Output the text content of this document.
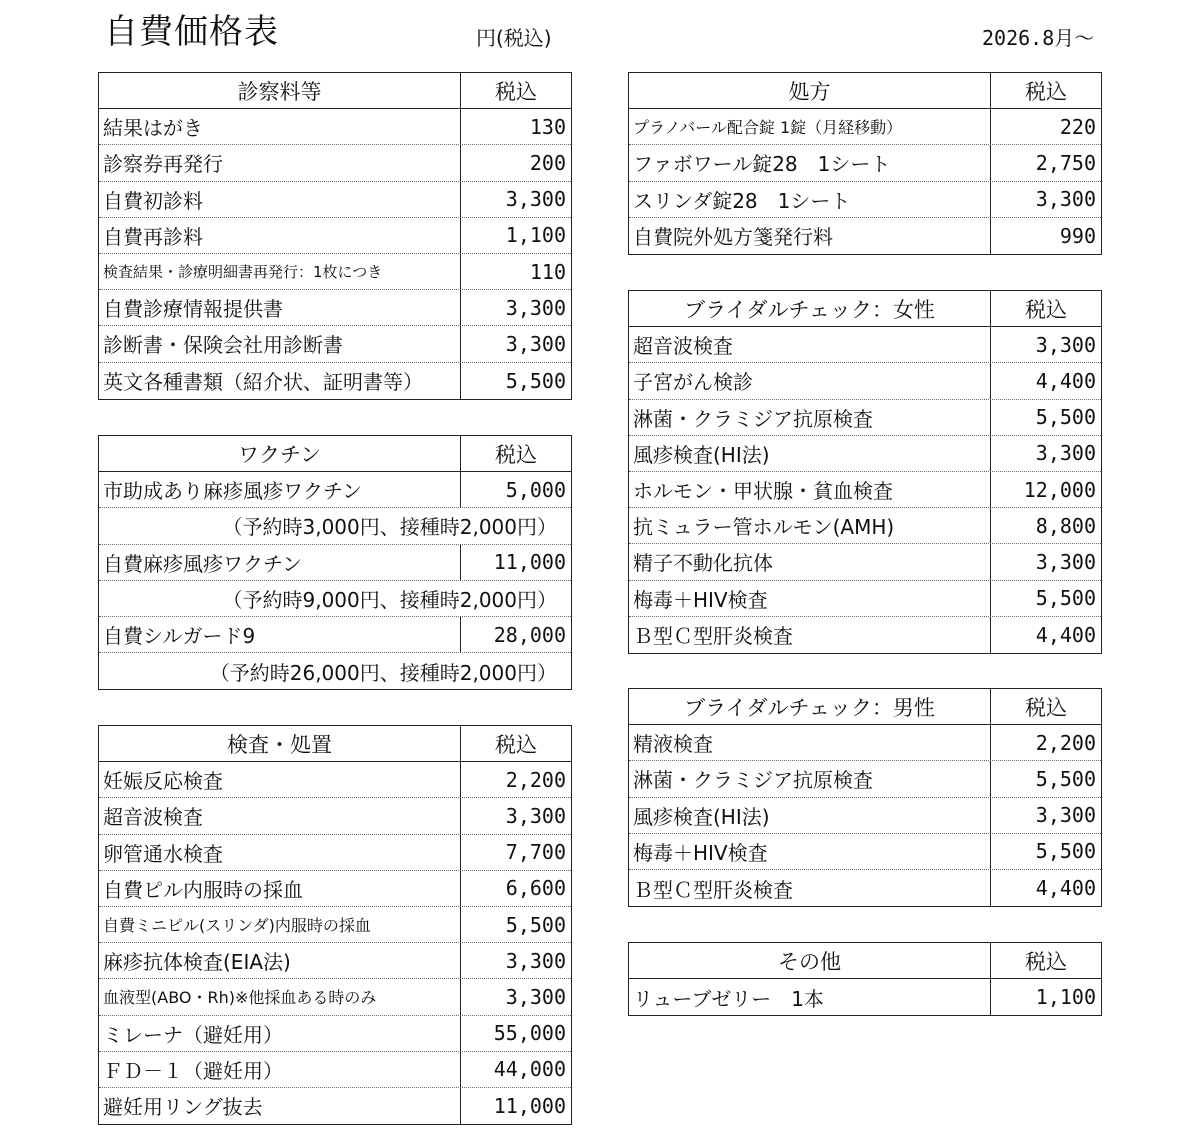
自費価格表	円(税込)	2026.8月～
診察料等	税込
結果はがき	130
診察券再発行	200
自費初診料	3,300
自費再診料	1,100
検査結果・診療明細書再発行：1枚につき	110
自費診療情報提供書	3,300
診断書・保険会社用診断書	3,300
英文各種書類（紹介状、証明書等）	5,500
ワクチン	税込
市助成あり麻疹風疹ワクチン	5,000
（予約時3,000円、接種時2,000円）
自費麻疹風疹ワクチン	11,000
（予約時9,000円、接種時2,000円）
自費シルガード9	28,000
（予約時26,000円、接種時2,000円）
検査・処置	税込
妊娠反応検査	2,200
超音波検査	3,300
卵管通水検査	7,700
自費ピル内服時の採血	6,600
自費ミニピル(スリンダ)内服時の採血	5,500
麻疹抗体検査(EIA法)	3,300
血液型(ABO・Rh)※他採血ある時のみ	3,300
ミレーナ（避妊用）	55,000
ＦＤ－１（避妊用）	44,000
避妊用リング抜去	11,000
処方	税込
プラノバール配合錠 1錠（月経移動）	220
ファボワール錠28　1シート	2,750
スリンダ錠28　1シート	3,300
自費院外処方箋発行料	990
ブライダルチェック：女性	税込
超音波検査	3,300
子宮がん検診	4,400
淋菌・クラミジア抗原検査	5,500
風疹検査(HI法)	3,300
ホルモン・甲状腺・貧血検査	12,000
抗ミュラー管ホルモン(AMH)	8,800
精子不動化抗体	3,300
梅毒＋HIV検査	5,500
Ｂ型Ｃ型肝炎検査	4,400
ブライダルチェック：男性	税込
精液検査	2,200
淋菌・クラミジア抗原検査	5,500
風疹検査(HI法)	3,300
梅毒＋HIV検査	5,500
Ｂ型Ｃ型肝炎検査	4,400
その他	税込
リューブゼリー　1本	1,100
